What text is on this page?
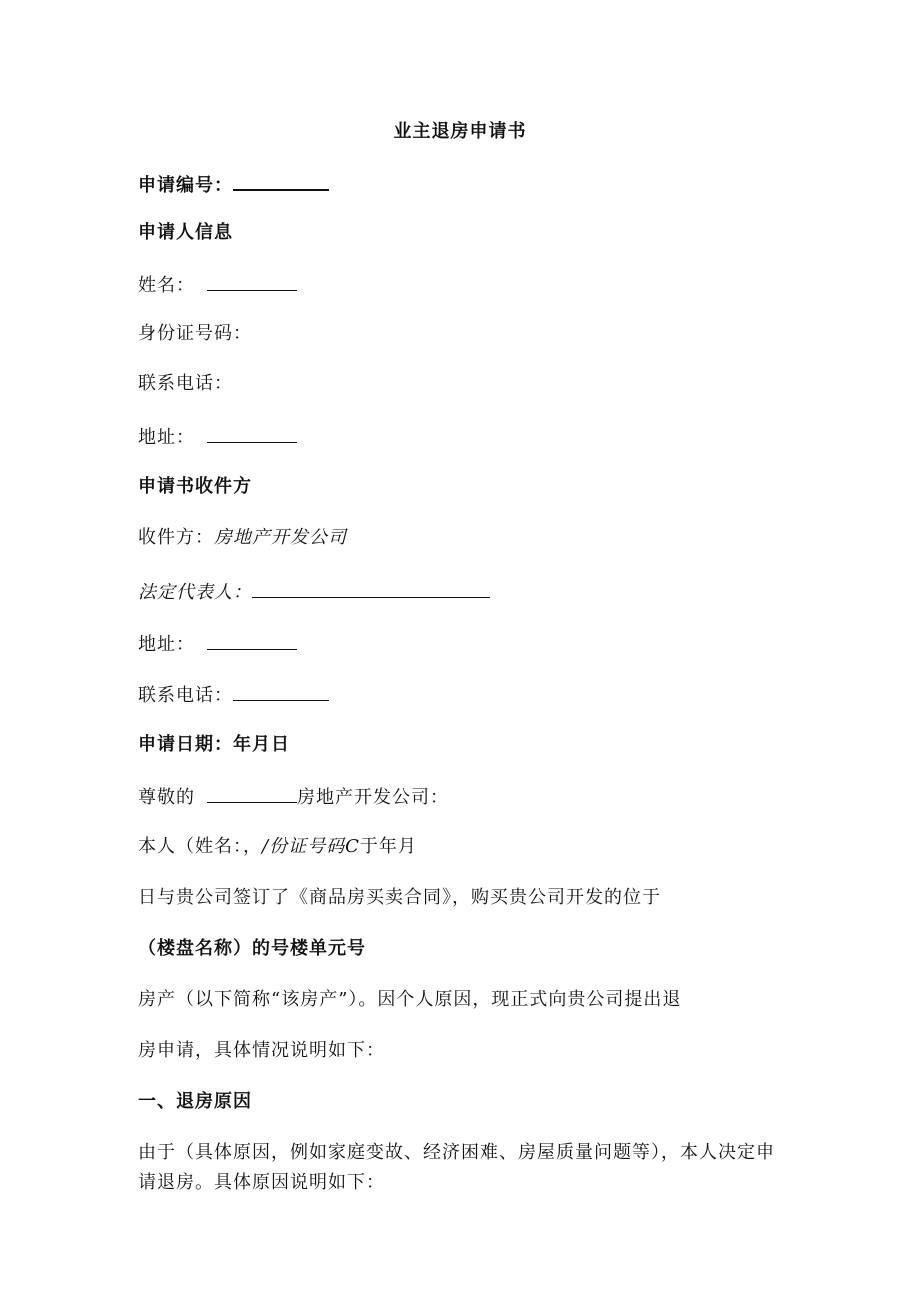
业主退房申请书
申请编号：
申请人信息
姓名：
身份证号码：
联系电话：
地址：
申请书收件方
收件方：房地产开发公司
法定代表人：
地址：
联系电话：
申请日期：年月日
尊敬的	房地产开发公司：
本人（姓名：，/份证号码C于年月
日与贵公司签订了《商品房买卖合同》，购买贵公司开发的位于
（楼盘名称）的号楼单元号
房产（以下简称“该房产”）。因个人原因，现正式向贵公司提出退
房申请，具体情况说明如下：
一、退房原因
由于（具体原因，例如家庭变故、经济困难、房屋质量问题等），本人决定申请退房。具体原因说明如下：
